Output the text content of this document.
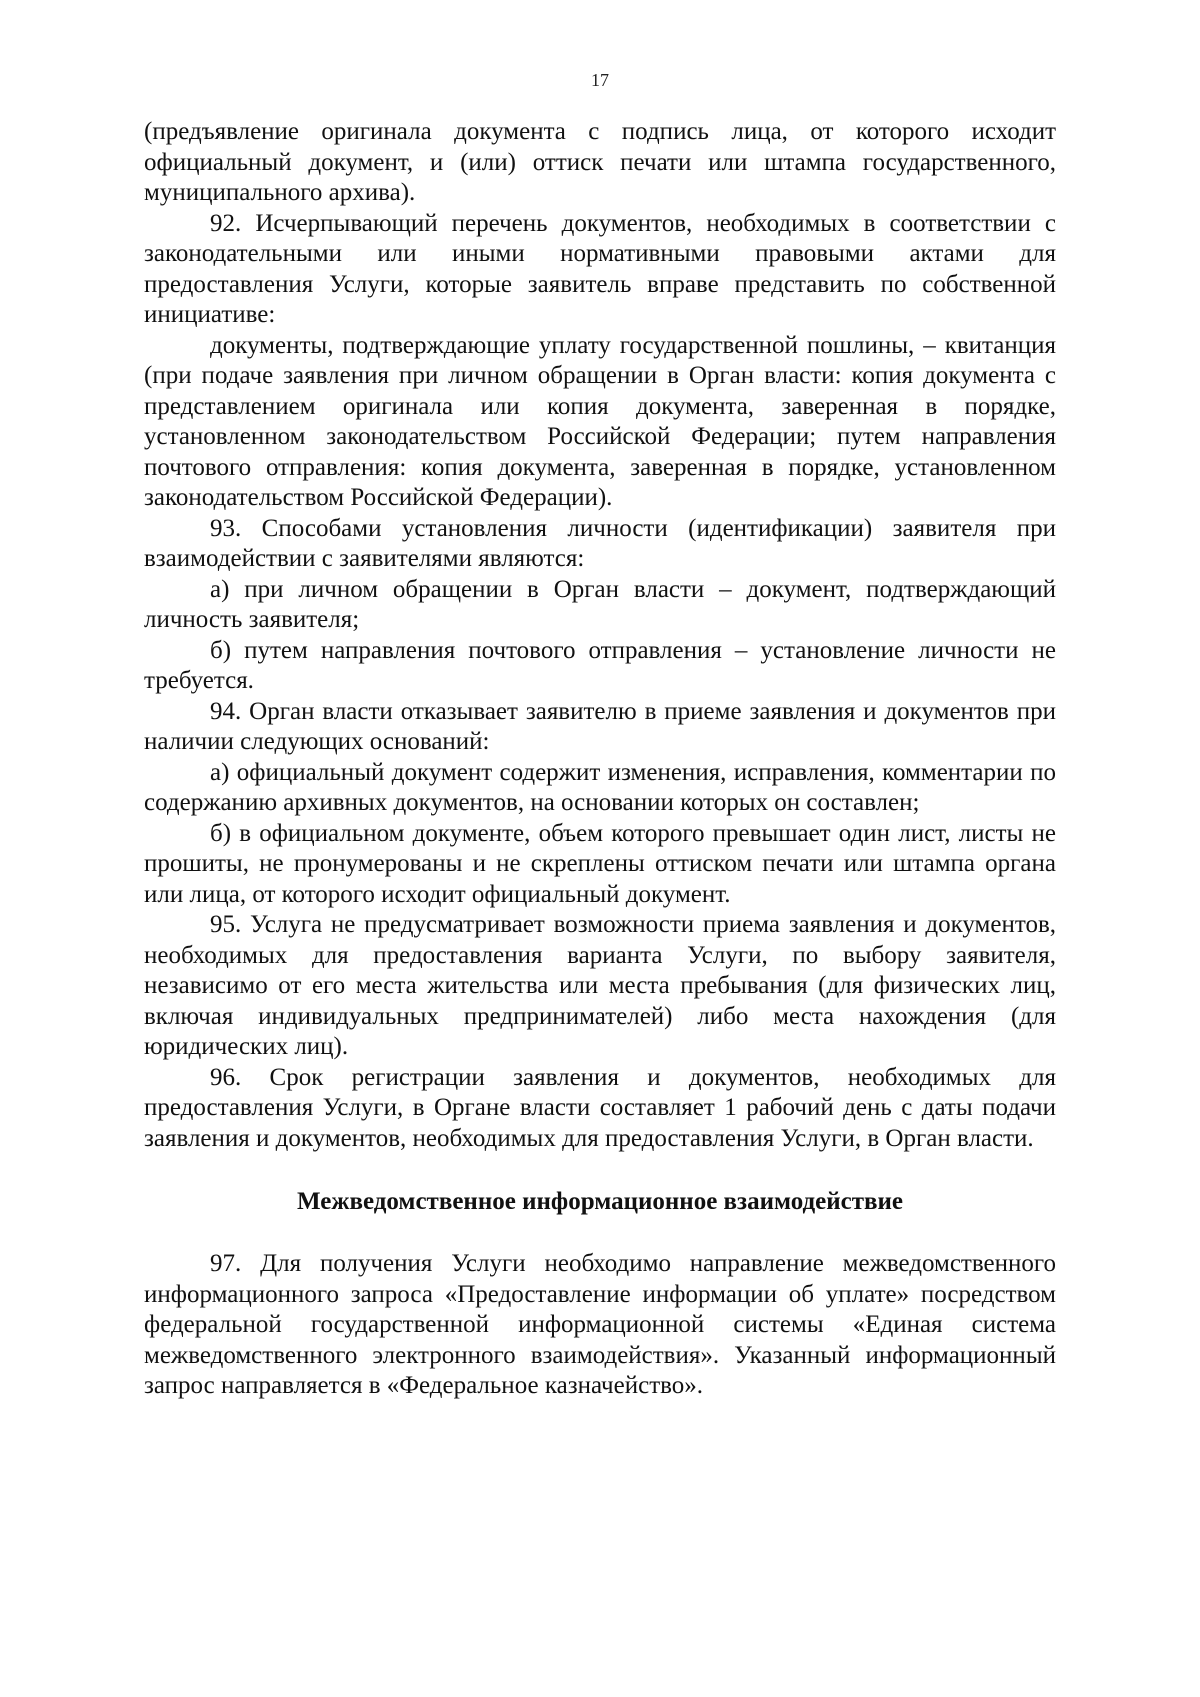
17

(предъявление оригинала документа с подпись лица, от которого исходит официальный документ, и (или) оттиск печати или штампа государственного, муниципального архива).

92. Исчерпывающий перечень документов, необходимых в соответствии с законодательными или иными нормативными правовыми актами для предоставления Услуги, которые заявитель вправе представить по собственной инициативе:

документы, подтверждающие уплату государственной пошлины, – квитанция (при подаче заявления при личном обращении в Орган власти: копия документа с представлением оригинала или копия документа, заверенная в порядке, установленном законодательством Российской Федерации; путем направления почтового отправления: копия документа, заверенная в порядке, установленном законодательством Российской Федерации).

93. Способами установления личности (идентификации) заявителя при взаимодействии с заявителями являются:

а) при личном обращении в Орган власти – документ, подтверждающий личность заявителя;

б) путем направления почтового отправления – установление личности не требуется.

94. Орган власти отказывает заявителю в приеме заявления и документов при наличии следующих оснований:

а) официальный документ содержит изменения, исправления, комментарии по содержанию архивных документов, на основании которых он составлен;

б) в официальном документе, объем которого превышает один лист, листы не прошиты, не пронумерованы и не скреплены оттиском печати или штампа органа или лица, от которого исходит официальный документ.

95. Услуга не предусматривает возможности приема заявления и документов, необходимых для предоставления варианта Услуги, по выбору заявителя, независимо от его места жительства или места пребывания (для физических лиц, включая индивидуальных предпринимателей) либо места нахождения (для юридических лиц).

96. Срок регистрации заявления и документов, необходимых для предоставления Услуги, в Органе власти составляет 1 рабочий день с даты подачи заявления и документов, необходимых для предоставления Услуги, в Орган власти.

Межведомственное информационное взаимодействие

97. Для получения Услуги необходимо направление межведомственного информационного запроса «Предоставление информации об уплате» посредством федеральной государственной информационной системы «Единая система межведомственного электронного взаимодействия». Указанный информационный запрос направляется в «Федеральное казначейство».
